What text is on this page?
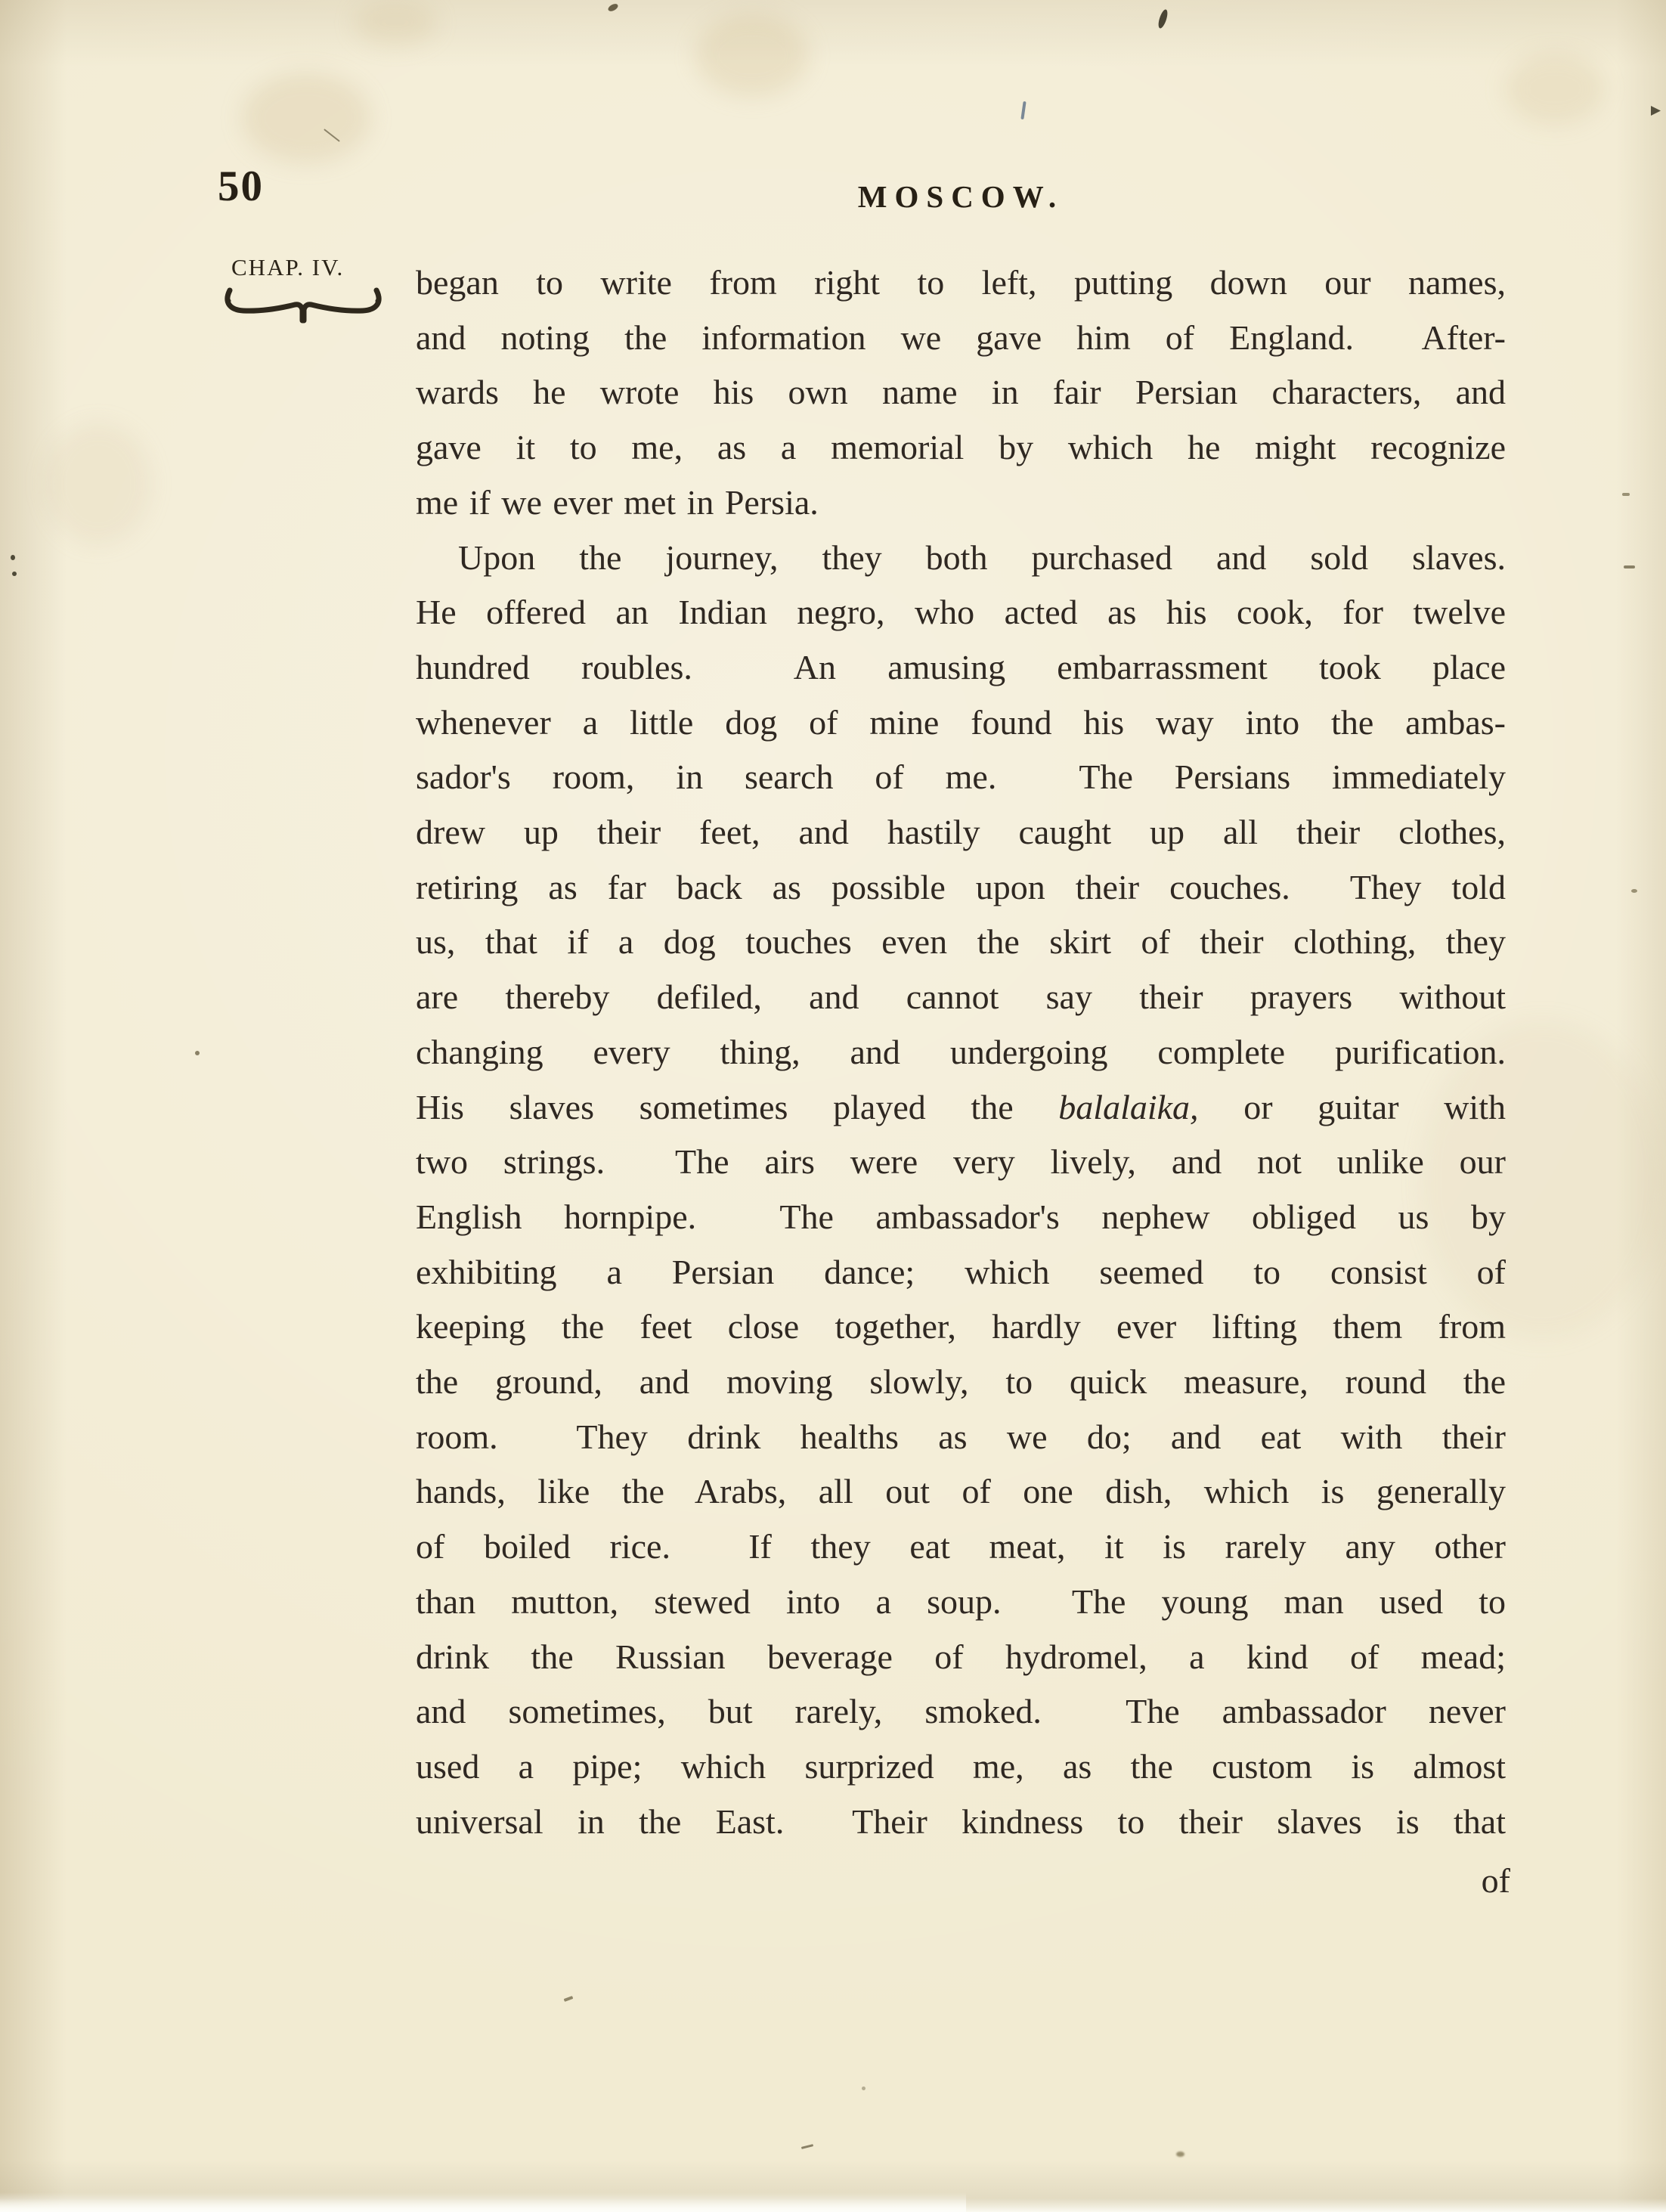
50	MOSCOW.
CHAP. IV. began to write from right to left, putting down our names,
and noting the information we gave him of England.  After-
wards he wrote his own name in fair Persian characters, and
gave it to me, as a memorial by which he might recognize
me if we ever met in Persia.
Upon the journey, they both purchased and sold slaves.
He offered an Indian negro, who acted as his cook, for twelve
hundred roubles.  An amusing embarrassment took place
whenever a little dog of mine found his way into the ambas-
sador's room, in search of me.  The Persians immediately
drew up their feet, and hastily caught up all their clothes,
retiring as far back as possible upon their couches.  They told
us, that if a dog touches even the skirt of their clothing, they
are thereby defiled, and cannot say their prayers without
changing every thing, and undergoing complete purification.
His slaves sometimes played the balalaika, or guitar with
two strings.  The airs were very lively, and not unlike our
English hornpipe.  The ambassador's nephew obliged us by
exhibiting a Persian dance; which seemed to consist of
keeping the feet close together, hardly ever lifting them from
the ground, and moving slowly, to quick measure, round the
room.  They drink healths as we do; and eat with their
hands, like the Arabs, all out of one dish, which is generally
of boiled rice.  If they eat meat, it is rarely any other
than mutton, stewed into a soup.  The young man used to
drink the Russian beverage of hydromel, a kind of mead;
and sometimes, but rarely, smoked.  The ambassador never
used a pipe; which surprized me, as the custom is almost
universal in the East.  Their kindness to their slaves is that
of
